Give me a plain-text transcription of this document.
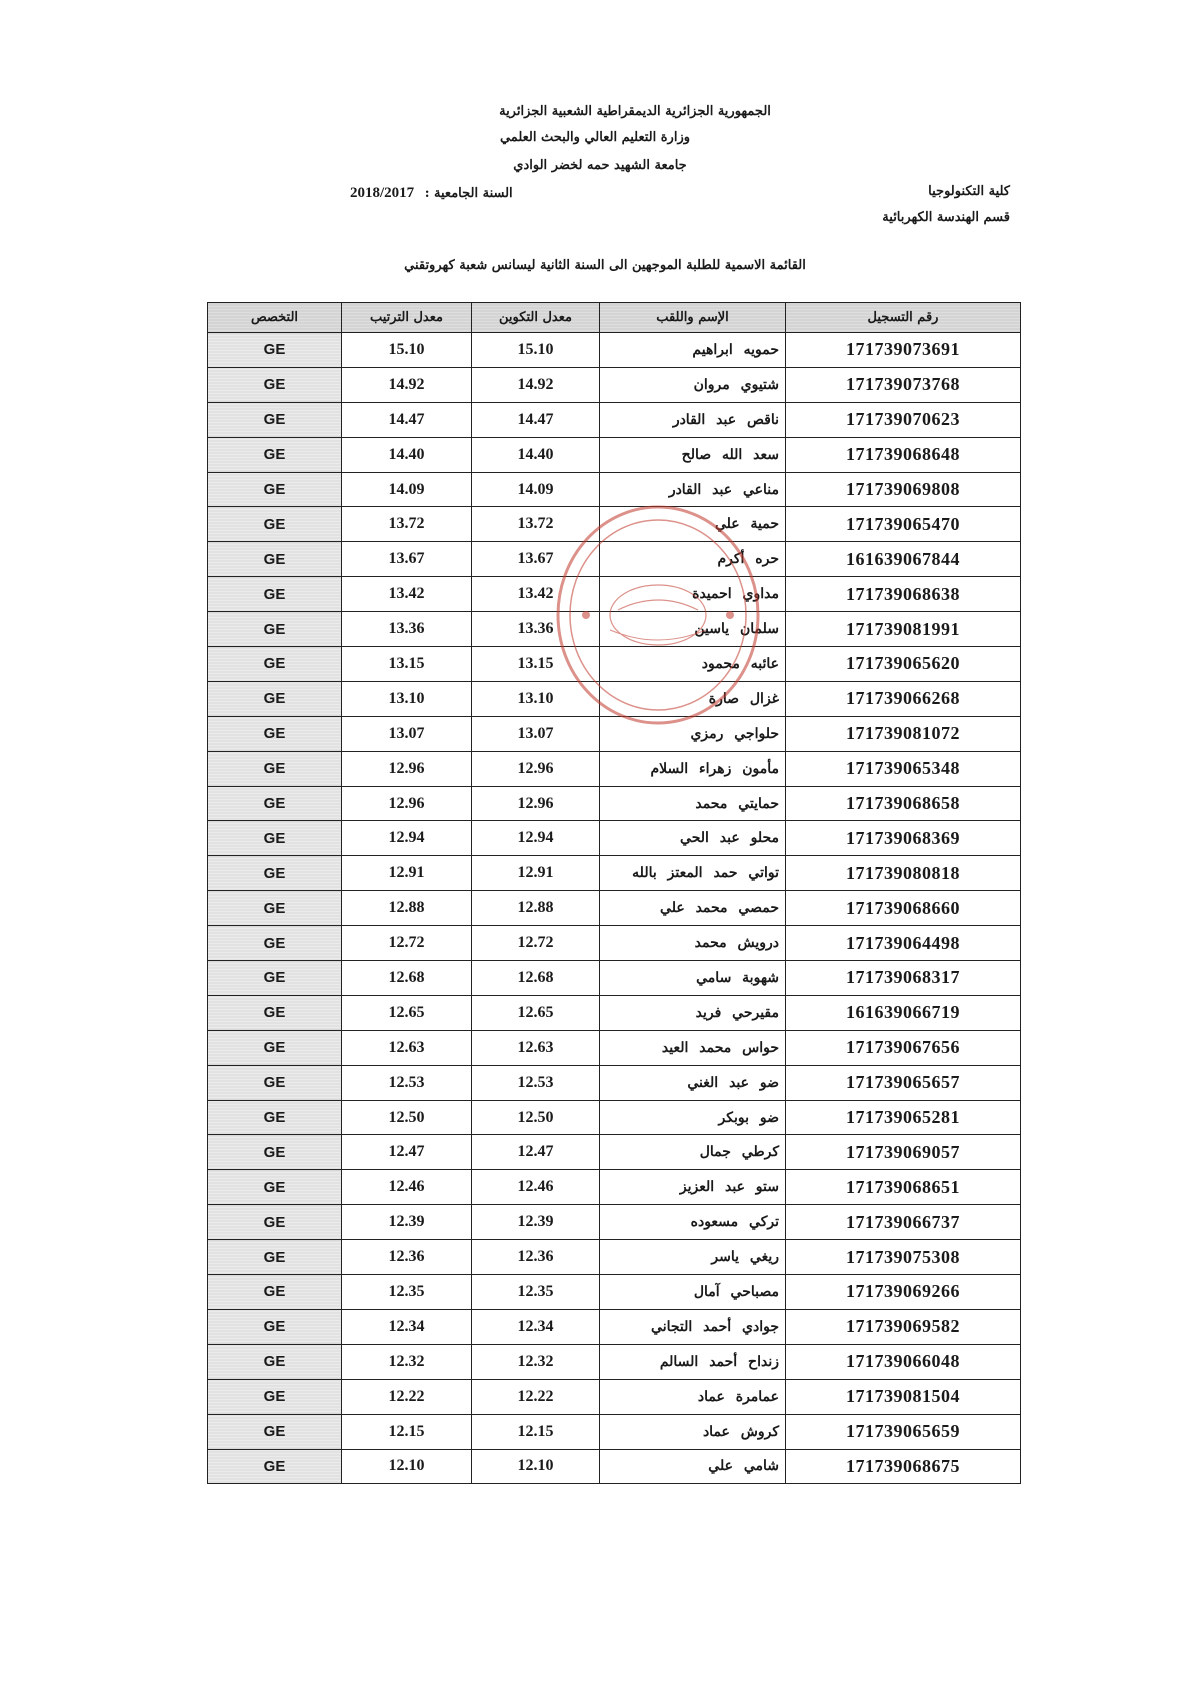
الجمهورية الجزائرية الديمقراطية الشعبية الجزائرية
وزارة التعليم العالي والبحث العلمي
جامعة الشهيد حمه لخضر الوادي
كلية التكنولوجيا
قسم الهندسة الكهربائية
السنة الجامعية : 2018/2017
القائمة الاسمية للطلبة الموجهين الى السنة الثانية ليسانس شعبة كهروتقني
التخصص	معدل الترتيب	معدل التكوين	الإسم واللقب	رقم التسجيل
GE	15.10	15.10	حمويه ابراهيم	171739073691
GE	14.92	14.92	شتيوي مروان	171739073768
GE	14.47	14.47	ناقص عبد القادر	171739070623
GE	14.40	14.40	سعد الله صالح	171739068648
GE	14.09	14.09	مناعي عبد القادر	171739069808
GE	13.72	13.72	حمية علي	171739065470
GE	13.67	13.67	حره أكرم	161639067844
GE	13.42	13.42	مداوي احميدة	171739068638
GE	13.36	13.36	سلمان ياسين	171739081991
GE	13.15	13.15	عائبه محمود	171739065620
GE	13.10	13.10	غزال صارة	171739066268
GE	13.07	13.07	حلواجي رمزي	171739081072
GE	12.96	12.96	مأمون زهراء السلام	171739065348
GE	12.96	12.96	حمايتي محمد	171739068658
GE	12.94	12.94	محلو عبد الحي	171739068369
GE	12.91	12.91	تواتي حمد المعتز بالله	171739080818
GE	12.88	12.88	حمصي محمد علي	171739068660
GE	12.72	12.72	درويش محمد	171739064498
GE	12.68	12.68	شهوبة سامي	171739068317
GE	12.65	12.65	مقيرحي فريد	161639066719
GE	12.63	12.63	حواس محمد العيد	171739067656
GE	12.53	12.53	ضو عبد الغني	171739065657
GE	12.50	12.50	ضو بوبكر	171739065281
GE	12.47	12.47	كرطي جمال	171739069057
GE	12.46	12.46	ستو عبد العزيز	171739068651
GE	12.39	12.39	تركي مسعوده	171739066737
GE	12.36	12.36	ريغي ياسر	171739075308
GE	12.35	12.35	مصباحي آمال	171739069266
GE	12.34	12.34	جوادي أحمد التجاني	171739069582
GE	12.32	12.32	زنداح أحمد السالم	171739066048
GE	12.22	12.22	عمامرة عماد	171739081504
GE	12.15	12.15	كروش عماد	171739065659
GE	12.10	12.10	شامي علي	171739068675
